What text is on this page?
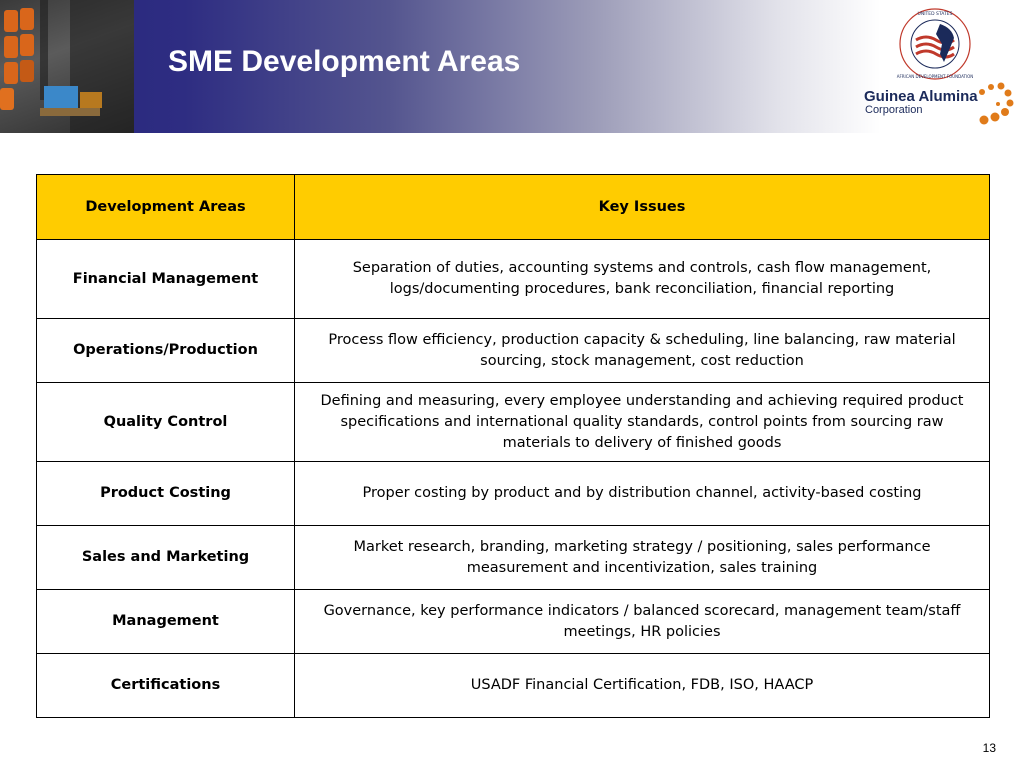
SME Development Areas
UNITED STATES
AFRICAN DEVELOPMENT FOUNDATION
Guinea Alumina
Corporation
Development Areas	Key Issues
Financial Management	Separation of duties, accounting systems and controls, cash flow management, logs/documenting procedures, bank reconciliation, financial reporting
Operations/Production	Process flow efficiency, production capacity & scheduling, line balancing, raw material sourcing, stock management, cost reduction
Quality Control	Defining and measuring, every employee understanding and achieving required product specifications and international quality standards, control points from sourcing raw materials to delivery of finished goods
Product Costing	Proper costing by product and by distribution channel, activity-based costing
Sales and Marketing	Market research, branding, marketing strategy / positioning, sales performance measurement and incentivization, sales training
Management	Governance, key performance indicators / balanced scorecard, management team/staff meetings, HR policies
Certifications	USADF Financial Certification, FDB, ISO, HAACP
13
